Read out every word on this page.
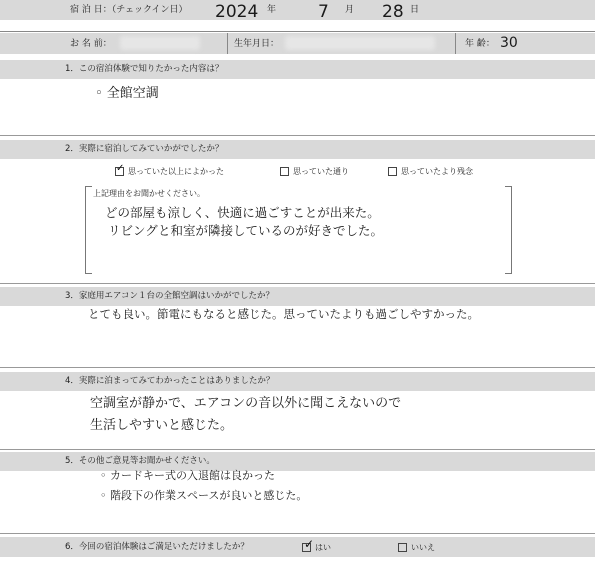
宿 泊 日：（チェックイン日） 2024 年 7 月 28 日
お 名 前：	生年月日：	年 齢： 30
1．この宿泊体験で知りたかった内容は？
◦ 全館空調
2．実際に宿泊してみていかがでしたか？
✓ 思っていた以上によかった	思っていた通り	思っていたより残念
上記理由をお聞かせください。
どの部屋も涼しく、快適に過ごすことが出来た。
リビングと和室が隣接しているのが好きでした。
3．家庭用エアコン１台の全館空調はいかがでしたか？
とても良い。節電にもなると感じた。思っていたよりも過ごしやすかった。
4．実際に泊まってみてわかったことはありましたか？
空調室が静かで、エアコンの音以外に聞こえないので
生活しやすいと感じた。
5．その他ご意見等お聞かせください。
◦ カードキー式の入退館は良かった
◦ 階段下の作業スペースが良いと感じた。
6．今回の宿泊体験はご満足いただけましたか？	✓ はい	いいえ
